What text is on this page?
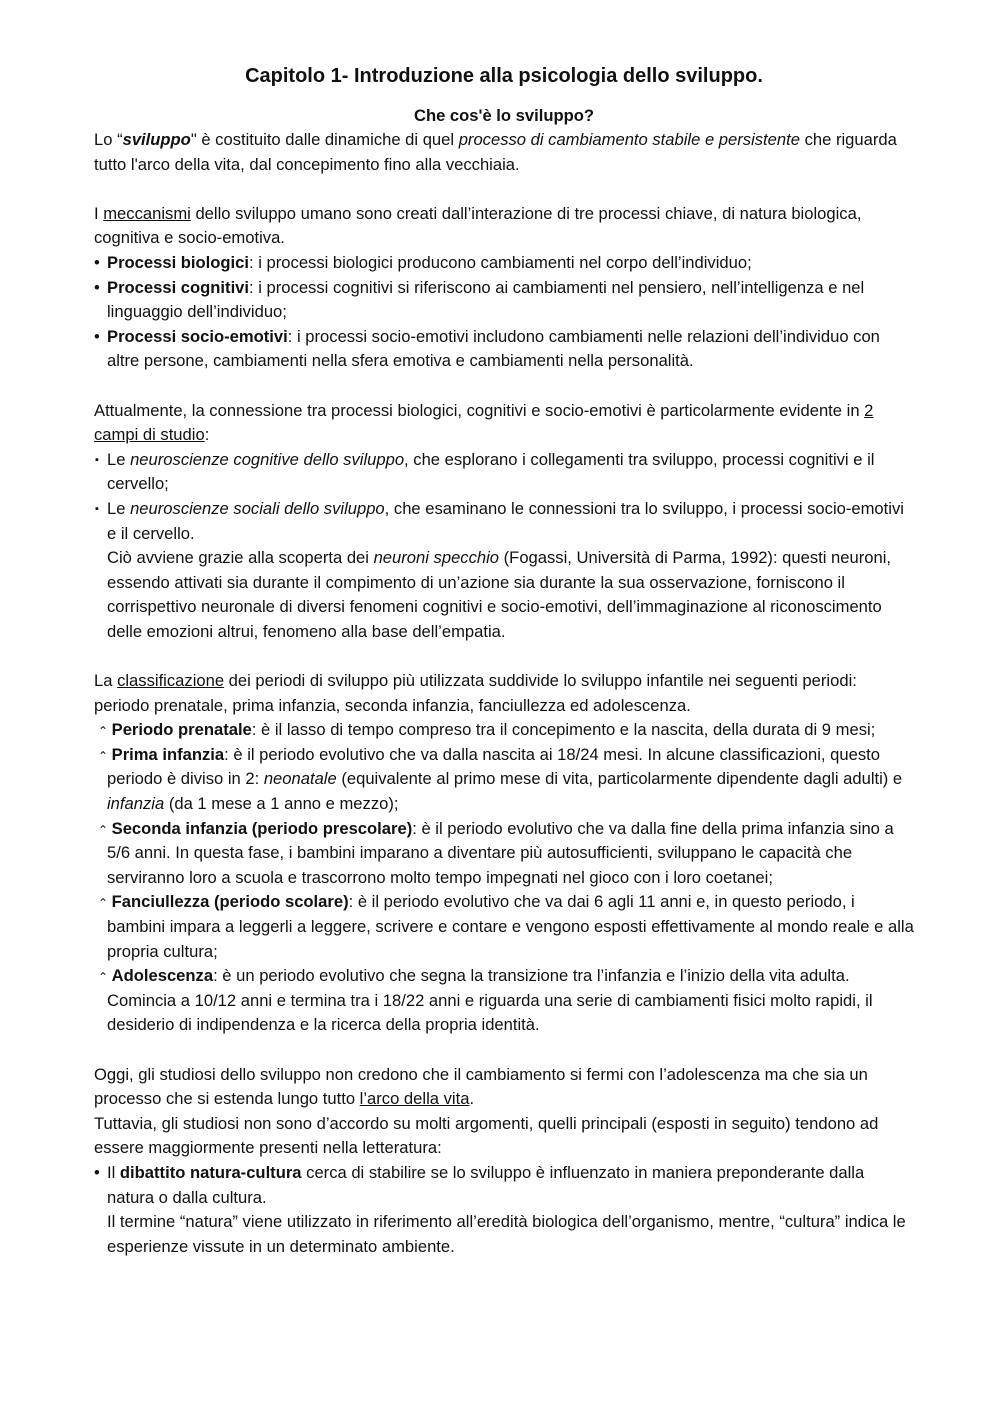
Capitolo 1- Introduzione alla psicologia dello sviluppo.
Che cos'è lo sviluppo?

Lo “sviluppo" è costituito dalle dinamiche di quel processo di cambiamento stabile e persistente che riguarda tutto l'arco della vita, dal concepimento fino alla vecchiaia.

I meccanismi dello sviluppo umano sono creati dall’interazione di tre processi chiave, di natura biologica, cognitiva e socio-emotiva.

• Processi biologici: i processi biologici producono cambiamenti nel corpo dell’individuo;
• Processi cognitivi: i processi cognitivi si riferiscono ai cambiamenti nel pensiero, nell’intelligenza e nel linguaggio dell’individuo;
• Processi socio-emotivi: i processi socio-emotivi includono cambiamenti nelle relazioni dell’individuo con altre persone, cambiamenti nella sfera emotiva e cambiamenti nella personalità.

Attualmente, la connessione tra processi biologici, cognitivi e socio-emotivi è particolarmente evidente in 2 campi di studio:

▪ Le neuroscienze cognitive dello sviluppo, che esplorano i collegamenti tra sviluppo, processi cognitivi e il cervello;
▪ Le neuroscienze sociali dello sviluppo, che esaminano le connessioni tra lo sviluppo, i processi socio-emotivi e il cervello.

Ciò avviene grazie alla scoperta dei neuroni specchio (Fogassi, Università di Parma, 1992): questi neuroni, essendo attivati sia durante il compimento di un’azione sia durante la sua osservazione, forniscono il corrispettivo neuronale di diversi fenomeni cognitivi e socio-emotivi, dell’immaginazione al riconoscimento delle emozioni altrui, fenomeno alla base dell’empatia.

La classificazione dei periodi di sviluppo più utilizzata suddivide lo sviluppo infantile nei seguenti periodi: periodo prenatale, prima infanzia, seconda infanzia, fanciullezza ed adolescenza.

⌃ Periodo prenatale: è il lasso di tempo compreso tra il concepimento e la nascita, della durata di 9 mesi;
⌃ Prima infanzia: è il periodo evolutivo che va dalla nascita ai 18/24 mesi. In alcune classificazioni, questo periodo è diviso in 2: neonatale (equivalente al primo mese di vita, particolarmente dipendente dagli adulti) e infanzia (da 1 mese a 1 anno e mezzo);
⌃ Seconda infanzia (periodo prescolare): è il periodo evolutivo che va dalla fine della prima infanzia sino a 5/6 anni. In questa fase, i bambini imparano a diventare più autosufficienti, sviluppano le capacità che serviranno loro a scuola e trascorrono molto tempo impegnati nel gioco con i loro coetanei;
⌃ Fanciullezza (periodo scolare): è il periodo evolutivo che va dai 6 agli 11 anni e, in questo periodo, i bambini impara a leggerli a leggere, scrivere e contare e vengono esposti effettivamente al mondo reale e alla propria cultura;
⌃ Adolescenza: è un periodo evolutivo che segna la transizione tra l’infanzia e l’inizio della vita adulta. Comincia a 10/12 anni e termina tra i 18/22 anni e riguarda una serie di cambiamenti fisici molto rapidi, il desiderio di indipendenza e la ricerca della propria identità.

Oggi, gli studiosi dello sviluppo non credono che il cambiamento si fermi con l’adolescenza ma che sia un processo che si estenda lungo tutto l’arco della vita.

Tuttavia, gli studiosi non sono d’accordo su molti argomenti, quelli principali (esposti in seguito) tendono ad essere maggiormente presenti nella letteratura:

• Il dibattito natura-cultura cerca di stabilire se lo sviluppo è influenzato in maniera preponderante dalla natura o dalla cultura.

Il termine “natura” viene utilizzato in riferimento all’eredità biologica dell’organismo, mentre, “cultura” indica le esperienze vissute in un determinato ambiente.
